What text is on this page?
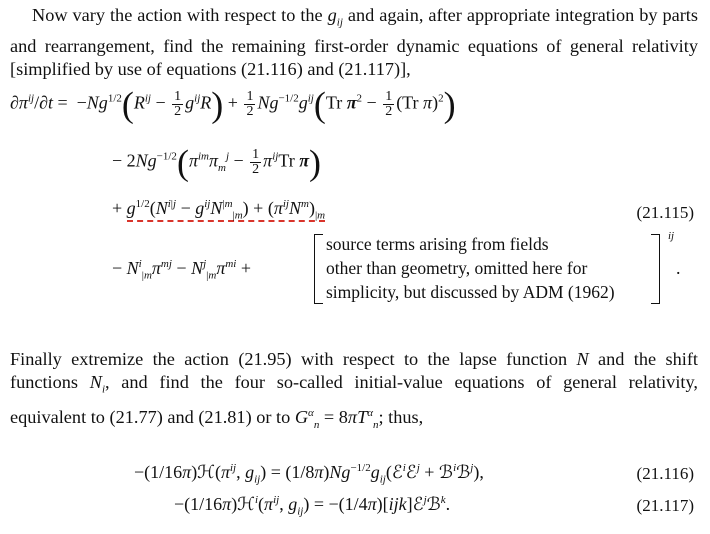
Now vary the action with respect to the $g_{ij}$ and again, after appropriate integration by parts and rearrangement, find the remaining first-order dynamic equations of general relativity [simplified by use of equations (21.116) and (21.117)],
$\partial\pi^{ij}/\partial t = -Ng^{1/2}(R^{ij} - \frac{1}{2} g^{ij}R) + \frac{1}{2} Ng^{-1/2}g^{ij}(Tr$ $\pi^2 - \frac{1}{2} (Tr$ π)$^2$)
− $2Ng^{-1/2}(\pi^{im}\pi_m^j - \frac{1}{2} \pi^{ij}Tr$ π)
+ $g^{1/2}(N^{i|j} - g^{ij}N^{|m}_{|m}) + (\pi^{ij}N^m)_{|m}$	(21.115)
− $N^i_{|m}\pi^{mj} - N^j_{|m}\pi^{mi}$ +
source terms arising from fields
other than geometry, omitted here for
simplicity, but discussed by ADM (1962)
ij
.
Finally extremize the action (21.95) with respect to the lapse function N and the shift functions $N_i$, and find the four so-called initial-value equations of general relativity, equivalent to (21.77) and (21.81) or to $G^\alpha_n = 8\pi T^\alpha_n$; thus,
$-(1/16\pi)ℋ(\pi^{ij}$, $g_{ij}$) = $(1/8\pi)Ng^{-1/2}g_{ij}(ℰ^iℰ^j$ + ℬ$^i$ℬ$^j$),	(21.116)
$-(1/16\pi)ℋ^i(\pi^{ij}$, $g_{ij}$) = −(1/4π)[ijk]ℰ$^j$ℬ$^k$.	(21.117)
